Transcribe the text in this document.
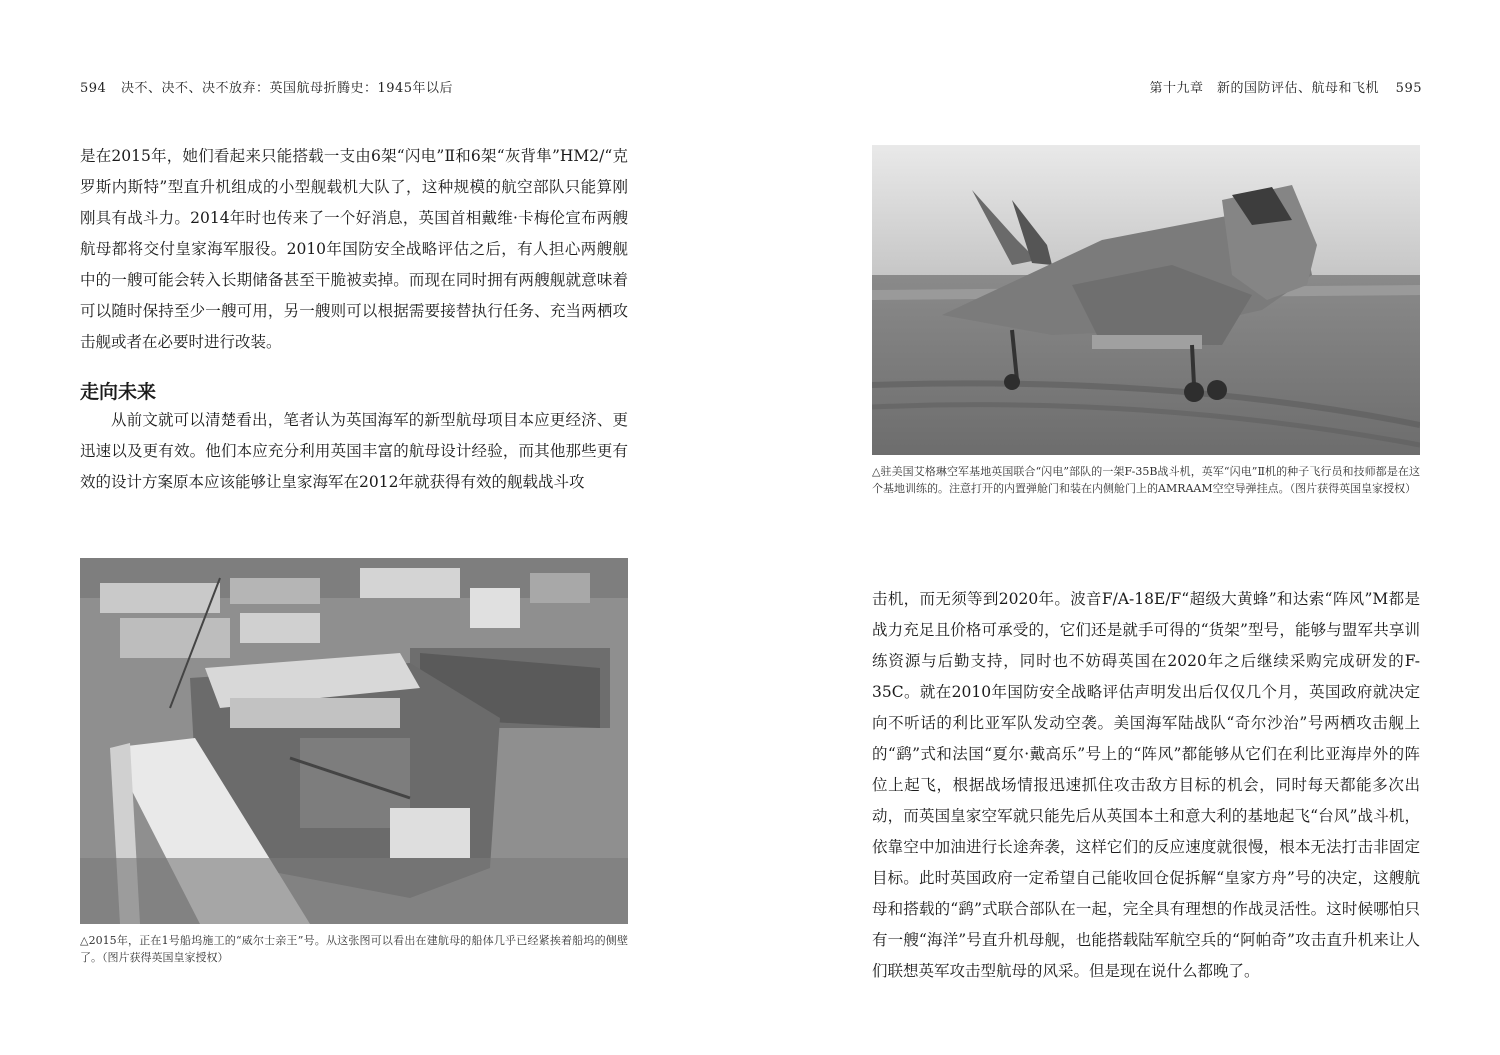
594 决不、决不、决不放弃：英国航母折腾史：1945年以后

是在2015年，她们看起来只能搭载一支由6架“闪电”Ⅱ和6架“灰背隼”HM2/“克罗斯内斯特”型直升机组成的小型舰载机大队了，这种规模的航空部队只能算刚刚具有战斗力。2014年时也传来了一个好消息，英国首相戴维·卡梅伦宣布两艘航母都将交付皇家海军服役。2010年国防安全战略评估之后，有人担心两艘舰中的一艘可能会转入长期储备甚至干脆被卖掉。而现在同时拥有两艘舰就意味着可以随时保持至少一艘可用，另一艘则可以根据需要接替执行任务、充当两栖攻击舰或者在必要时进行改装。

走向未来

从前文就可以清楚看出，笔者认为英国海军的新型航母项目本应更经济、更迅速以及更有效。他们本应充分利用英国丰富的航母设计经验，而其他那些更有效的设计方案原本应该能够让皇家海军在2012年就获得有效的舰载战斗攻

△2015年，正在1号船坞施工的“威尔士亲王”号。从这张图可以看出在建航母的船体几乎已经紧挨着船坞的侧壁了。（图片获得英国皇家授权）

第十九章　新的国防评估、航母和飞机 595

△驻美国艾格琳空军基地英国联合“闪电”部队的一架F-35B战斗机，英军“闪电”Ⅱ机的种子飞行员和技师都是在这个基地训练的。注意打开的内置弹舱门和装在内侧舱门上的AMRAAM空空导弹挂点。（图片获得英国皇家授权）

击机，而无须等到2020年。波音F/A-18E/F“超级大黄蜂”和达索“阵风”M都是战力充足且价格可承受的，它们还是就手可得的“货架”型号，能够与盟军共享训练资源与后勤支持，同时也不妨碍英国在2020年之后继续采购完成研发的F-35C。就在2010年国防安全战略评估声明发出后仅仅几个月，英国政府就决定向不听话的利比亚军队发动空袭。美国海军陆战队“奇尔沙治”号两栖攻击舰上的“鹞”式和法国“夏尔·戴高乐”号上的“阵风”都能够从它们在利比亚海岸外的阵位上起飞，根据战场情报迅速抓住攻击敌方目标的机会，同时每天都能多次出动，而英国皇家空军就只能先后从英国本土和意大利的基地起飞“台风”战斗机，依靠空中加油进行长途奔袭，这样它们的反应速度就很慢，根本无法打击非固定目标。此时英国政府一定希望自己能收回仓促拆解“皇家方舟”号的决定，这艘航母和搭载的“鹞”式联合部队在一起，完全具有理想的作战灵活性。这时候哪怕只有一艘“海洋”号直升机母舰，也能搭载陆军航空兵的“阿帕奇”攻击直升机来让人们联想英军攻击型航母的风采。但是现在说什么都晚了。
